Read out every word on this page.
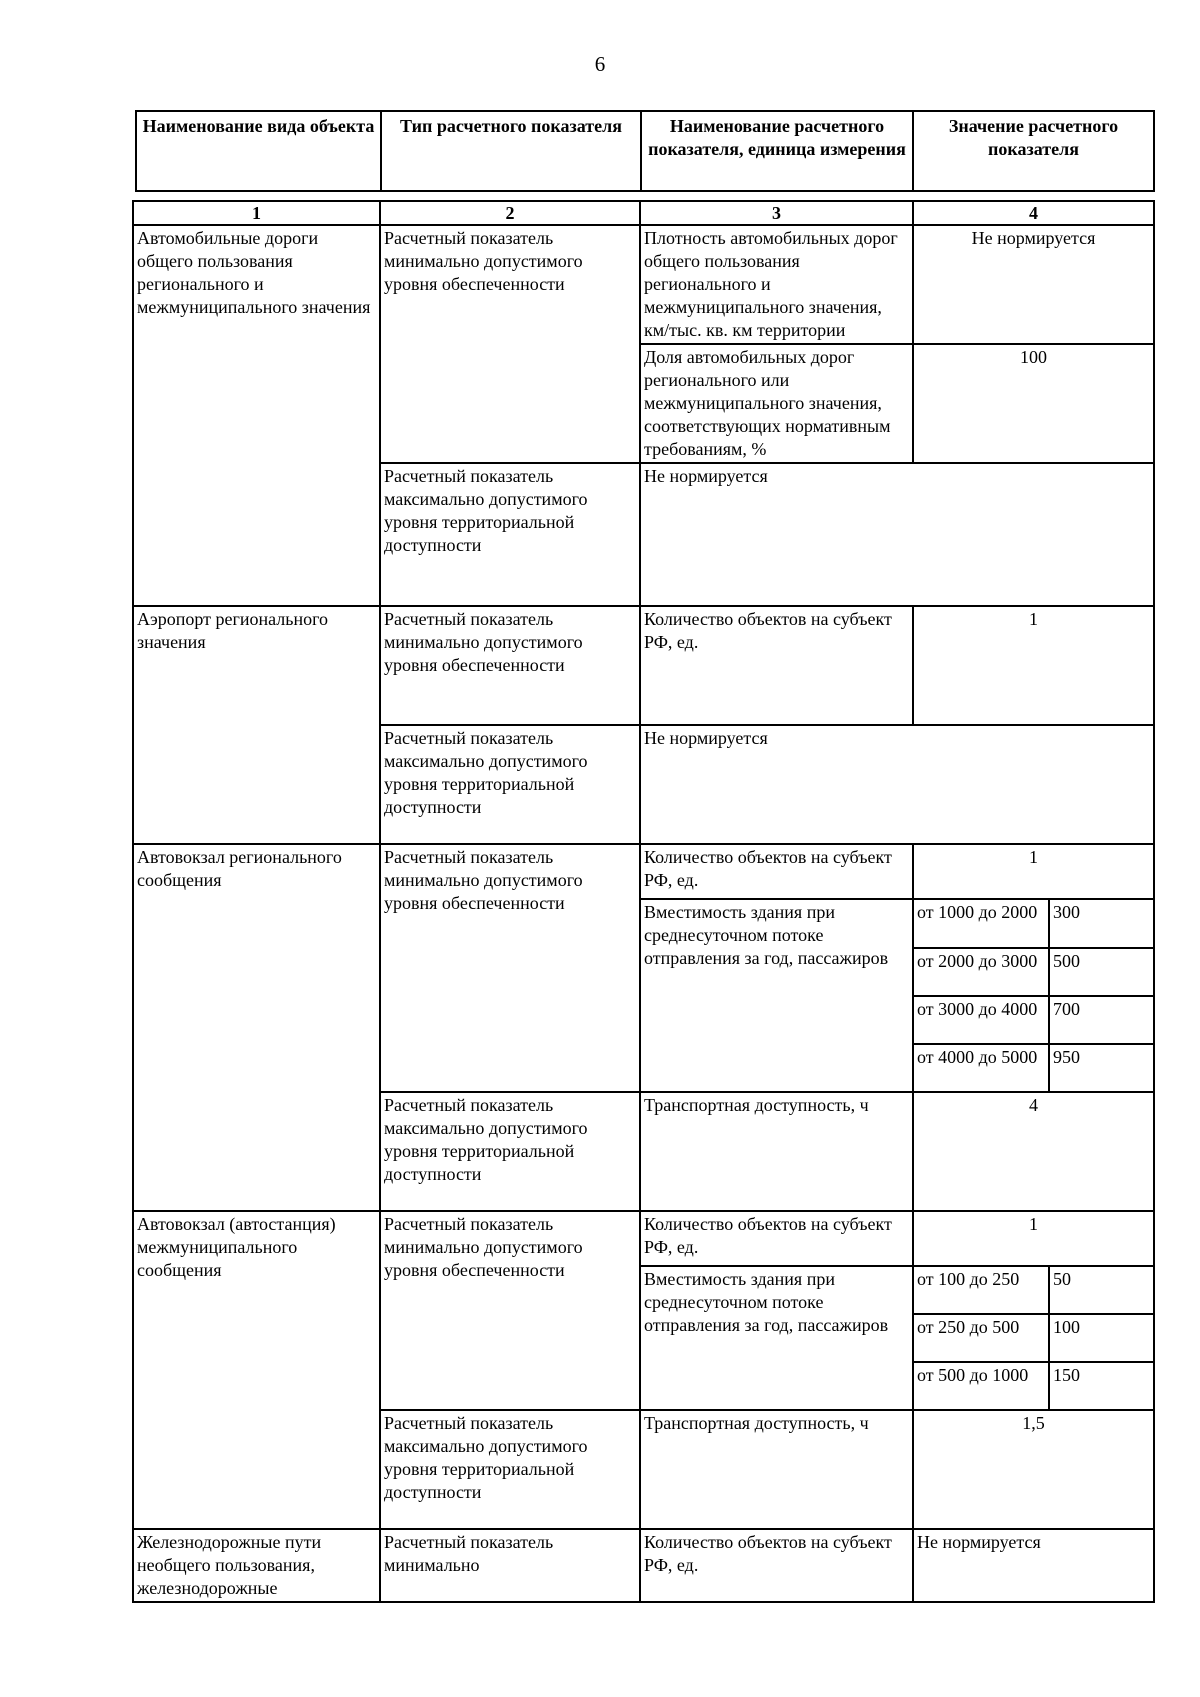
6
Наименование вида объекта	Тип расчетного показателя	Наименование расчетного показателя, единица измерения	Значение расчетного показателя
1	2	3	4	
Автомобильные дороги общего пользования регионального и межмуниципального значения	Расчетный показатель минимально допустимого уровня обеспеченности	Плотность автомобильных дорог общего пользования регионального и межмуниципального значения, км/тыс. кв. км территории	Не нормируется	
		Доля автомобильных дорог регионального или межмуниципального значения, соответствующих нормативным требованиям, %	100	
	Расчетный показатель максимально допустимого уровня территориальной доступности	Не нормируется		
Аэропорт регионального значения	Расчетный показатель минимально допустимого уровня обеспеченности	Количество объектов на субъект РФ, ед.	1	
	Расчетный показатель максимально допустимого уровня территориальной доступности	Не нормируется		
Автовокзал регионального сообщения	Расчетный показатель минимально допустимого уровня обеспеченности	Количество объектов на субъект РФ, ед.	1	
		Вместимость здания при среднесуточном потоке отправления за год, пассажиров	от 1000 до 2000	300
			от 2000 до 3000	500
			от 3000 до 4000	700
			от 4000 до 5000	950
	Расчетный показатель максимально допустимого уровня территориальной доступности	Транспортная доступность, ч	4	
Автовокзал (автостанция) межмуниципального сообщения	Расчетный показатель минимально допустимого уровня обеспеченности	Количество объектов на субъект РФ, ед.	1	
		Вместимость здания при среднесуточном потоке отправления за год, пассажиров	от 100 до 250	50
			от 250 до 500	100
			от 500 до 1000	150
	Расчетный показатель максимально допустимого уровня территориальной доступности	Транспортная доступность, ч	1,5	
Железнодорожные пути необщего пользования, железнодорожные	Расчетный показатель минимально	Количество объектов на субъект РФ, ед.	Не нормируется	
